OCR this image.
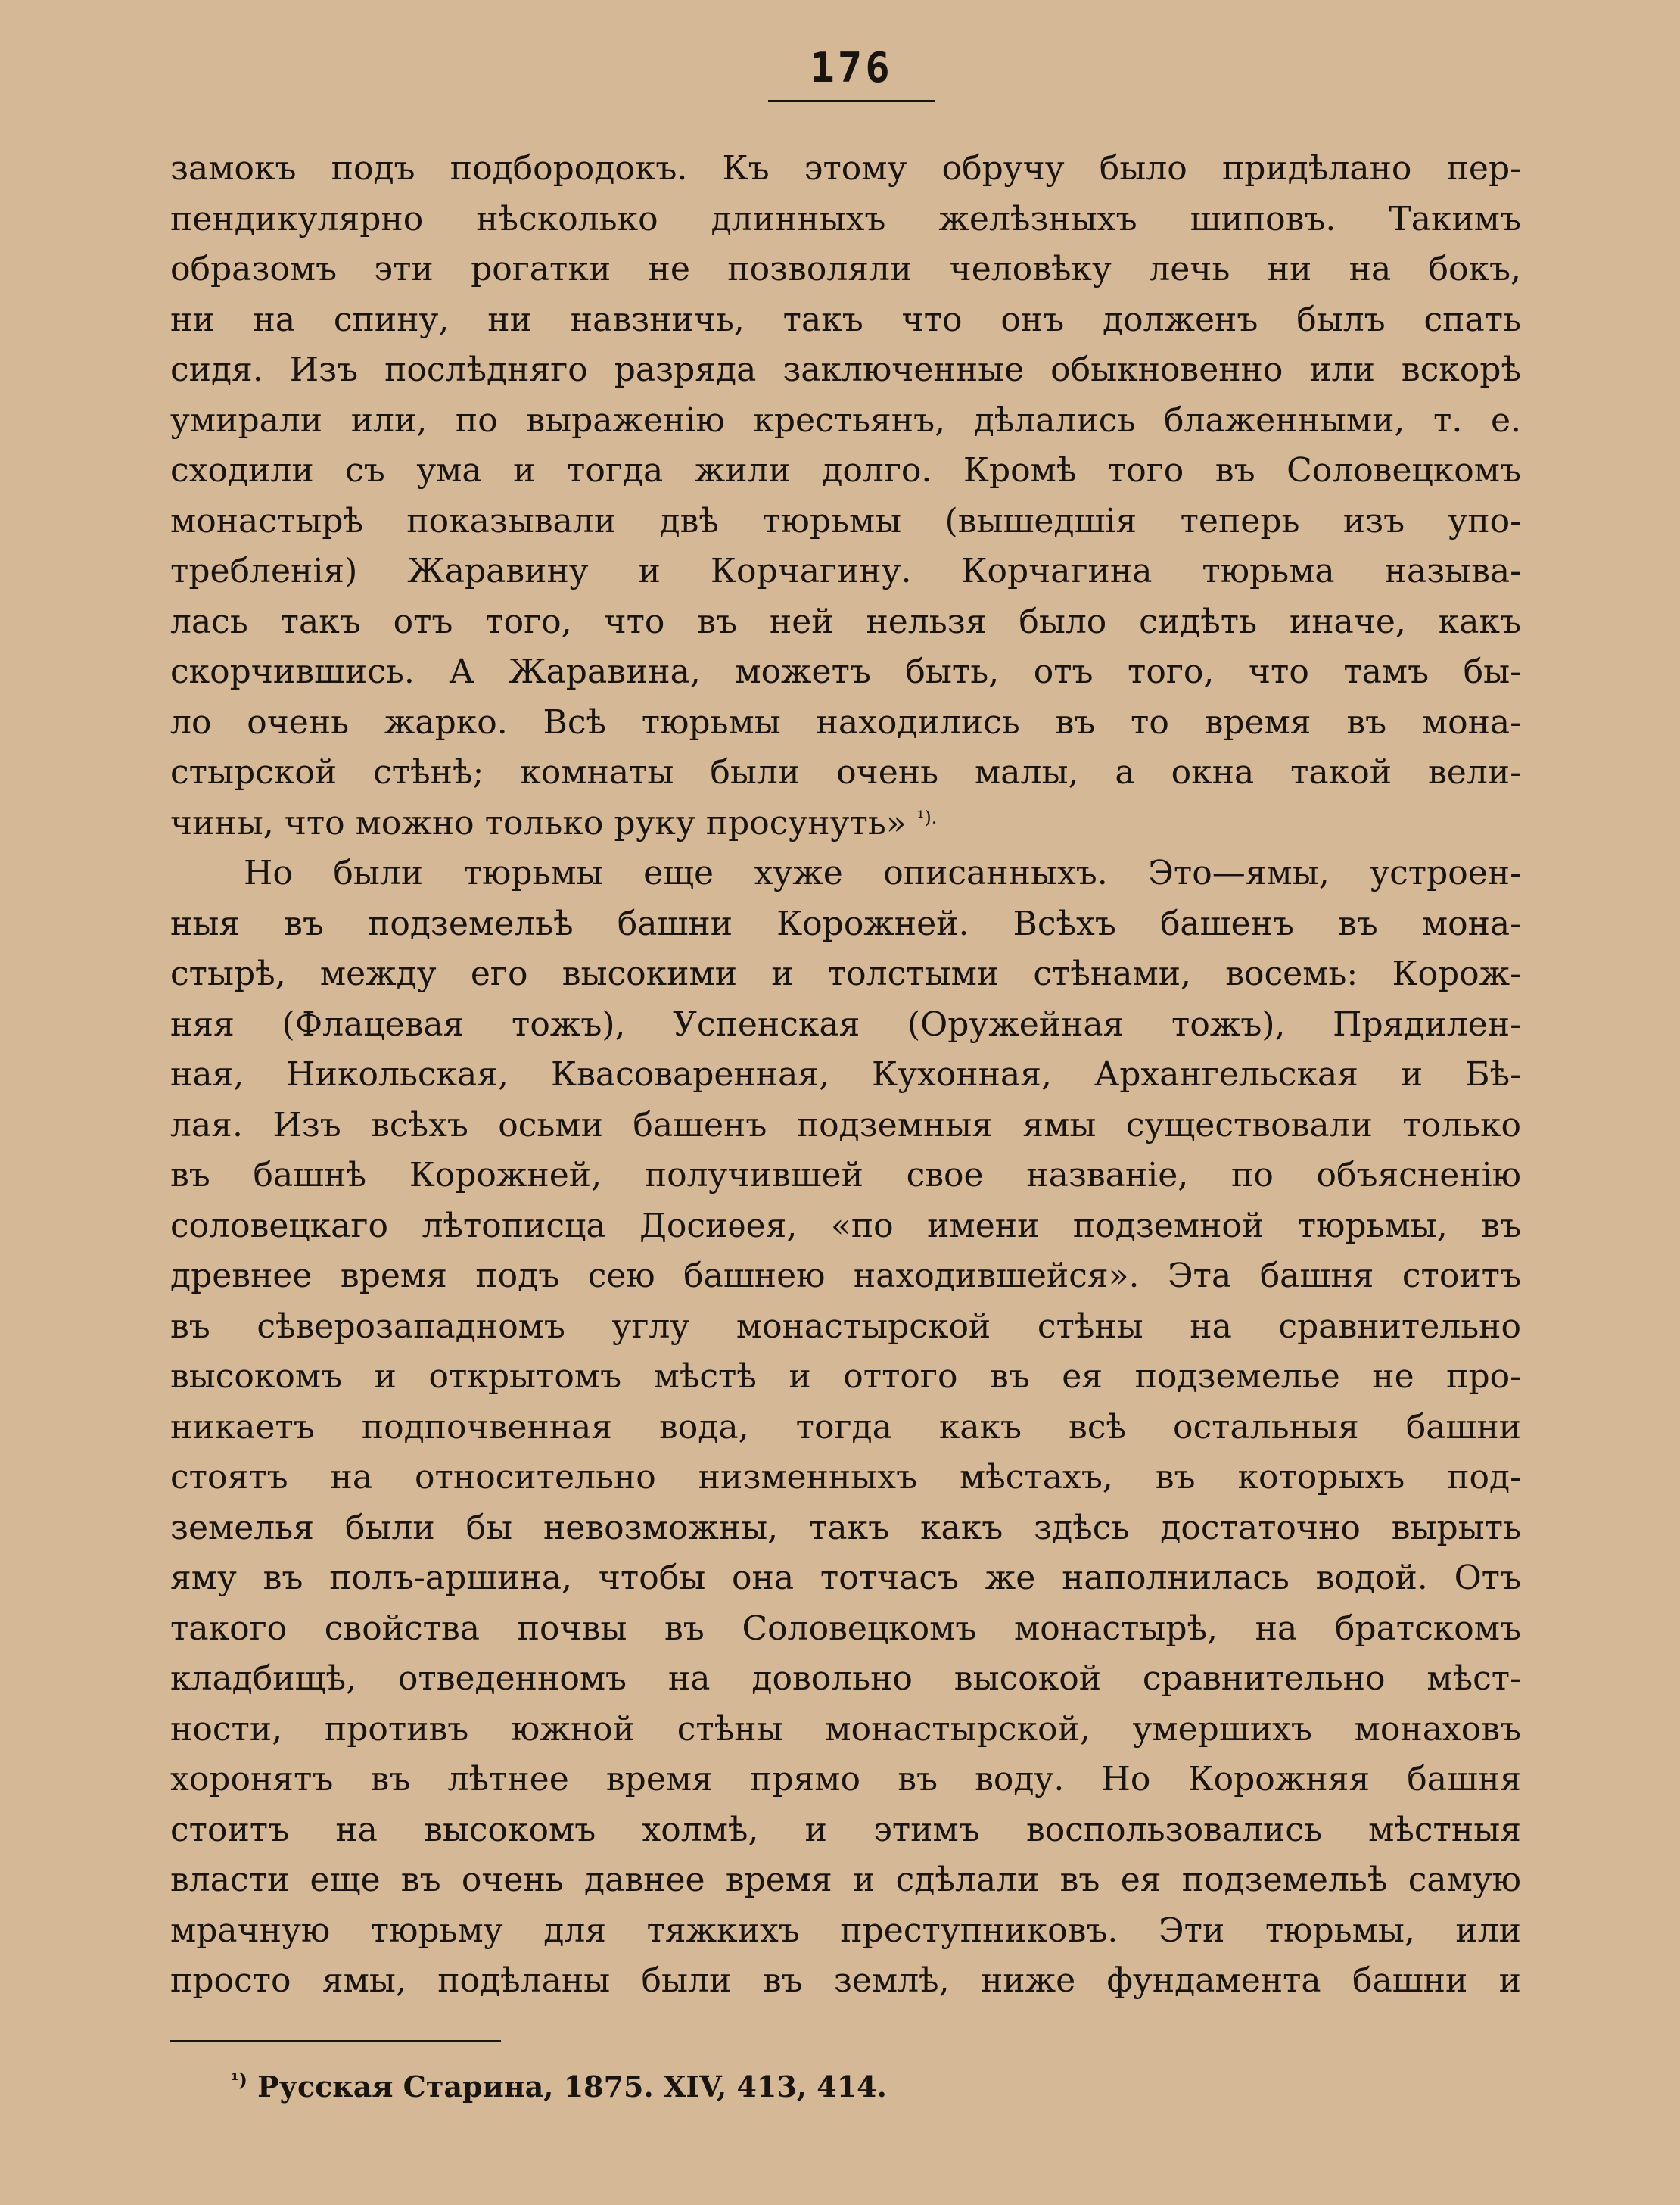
176
замокъ подъ подбородокъ. Къ этому обручу было придѣлано пер-
пендикулярно нѣсколько длинныхъ желѣзныхъ шиповъ. Такимъ
образомъ эти рогатки не позволяли человѣку лечь ни на бокъ,
ни на спину, ни навзничь, такъ что онъ долженъ былъ спать
сидя. Изъ послѣдняго разряда заключенные обыкновенно или вскорѣ
умирали или, по выраженію крестьянъ, дѣлались блаженными, т. е.
сходили съ ума и тогда жили долго. Кромѣ того въ Соловецкомъ
монастырѣ показывали двѣ тюрьмы (вышедшія теперь изъ упо-
требленія) Жаравину и Корчагину. Корчагина тюрьма называ-
лась такъ отъ того, что въ ней нельзя было сидѣть иначе, какъ
скорчившись. А Жаравина, можетъ быть, отъ того, что тамъ бы-
ло очень жарко. Всѣ тюрьмы находились въ то время въ мона-
стырской стѣнѣ; комнаты были очень малы, а окна такой вели-
чины, что можно только руку просунуть» $^{^1).}$
Но были тюрьмы еще хуже описанныхъ. Это—ямы, устроен-
ныя въ подземельѣ башни Корожней. Всѣхъ башенъ въ мона-
стырѣ, между его высокими и толстыми стѣнами, восемь: Корож-
няя (Флацевая тожъ), Успенская (Оружейная тожъ), Прядилен-
ная, Никольская, Квасоваренная, Кухонная, Архангельская и Бѣ-
лая. Изъ всѣхъ осьми башенъ подземныя ямы существовали только
въ башнѣ Корожней, получившей свое названіе, по объясненію
соловецкаго лѣтописца Досиѳея, «по имени подземной тюрьмы, въ
древнее время подъ сею башнею находившейся». Эта башня стоитъ
въ сѣверозападномъ углу монастырской стѣны на сравнительно
высокомъ и открытомъ мѣстѣ и оттого въ ея подземелье не про-
никаетъ подпочвенная вода, тогда какъ всѣ остальныя башни
стоятъ на относительно низменныхъ мѣстахъ, въ которыхъ под-
земелья были бы невозможны, такъ какъ здѣсь достаточно вырыть
яму въ полъ-аршина, чтобы она тотчасъ же наполнилась водой. Отъ
такого свойства почвы въ Соловецкомъ монастырѣ, на братскомъ
кладбищѣ, отведенномъ на довольно высокой сравнительно мѣст-
ности, противъ южной стѣны монастырской, умершихъ монаховъ
хоронятъ въ лѣтнее время прямо въ воду. Но Корожняя башня
стоитъ на высокомъ холмѣ, и этимъ воспользовались мѣстныя
власти еще въ очень давнее время и сдѣлали въ ея подземельѣ самую
мрачную тюрьму для тяжкихъ преступниковъ. Эти тюрьмы, или
просто ямы, подѣланы были въ землѣ, ниже фундамента башни и
$^{^1)}$ Русская Старина, 1875. XIV, 413, 414.
